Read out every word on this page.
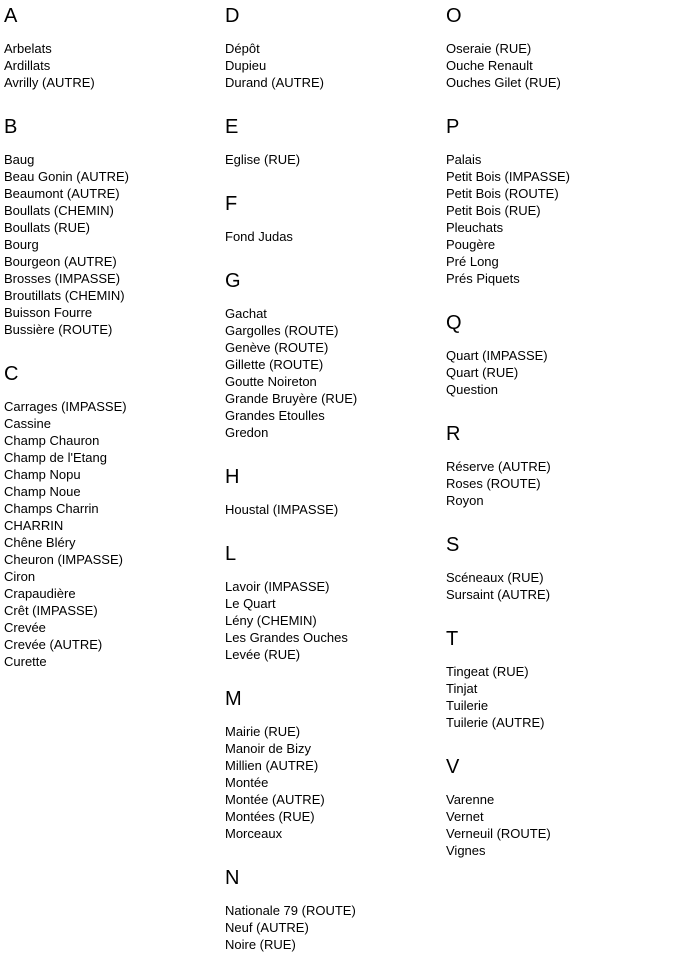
A
Arbelats
Ardillats
Avrilly (AUTRE)
B
Baug
Beau Gonin (AUTRE)
Beaumont (AUTRE)
Boullats (CHEMIN)
Boullats (RUE)
Bourg
Bourgeon (AUTRE)
Brosses (IMPASSE)
Broutillats (CHEMIN)
Buisson Fourre
Bussière (ROUTE)
C
Carrages (IMPASSE)
Cassine
Champ Chauron
Champ de l'Etang
Champ Nopu
Champ Noue
Champs Charrin
CHARRIN
Chêne Bléry
Cheuron (IMPASSE)
Ciron
Crapaudière
Crêt (IMPASSE)
Crevée
Crevée (AUTRE)
Curette
D
Dépôt
Dupieu
Durand (AUTRE)
E
Eglise (RUE)
F
Fond Judas
G
Gachat
Gargolles (ROUTE)
Genève (ROUTE)
Gillette (ROUTE)
Goutte Noireton
Grande Bruyère (RUE)
Grandes Etoulles
Gredon
H
Houstal (IMPASSE)
L
Lavoir (IMPASSE)
Le Quart
Lény (CHEMIN)
Les Grandes Ouches
Levée (RUE)
M
Mairie (RUE)
Manoir de Bizy
Millien (AUTRE)
Montée
Montée (AUTRE)
Montées (RUE)
Morceaux
N
Nationale 79 (ROUTE)
Neuf (AUTRE)
Noire (RUE)
O
Oseraie (RUE)
Ouche Renault
Ouches Gilet (RUE)
P
Palais
Petit Bois (IMPASSE)
Petit Bois (ROUTE)
Petit Bois (RUE)
Pleuchats
Pougère
Pré Long
Prés Piquets
Q
Quart (IMPASSE)
Quart (RUE)
Question
R
Réserve (AUTRE)
Roses (ROUTE)
Royon
S
Scéneaux (RUE)
Sursaint (AUTRE)
T
Tingeat (RUE)
Tinjat
Tuilerie
Tuilerie (AUTRE)
V
Varenne
Vernet
Verneuil (ROUTE)
Vignes
